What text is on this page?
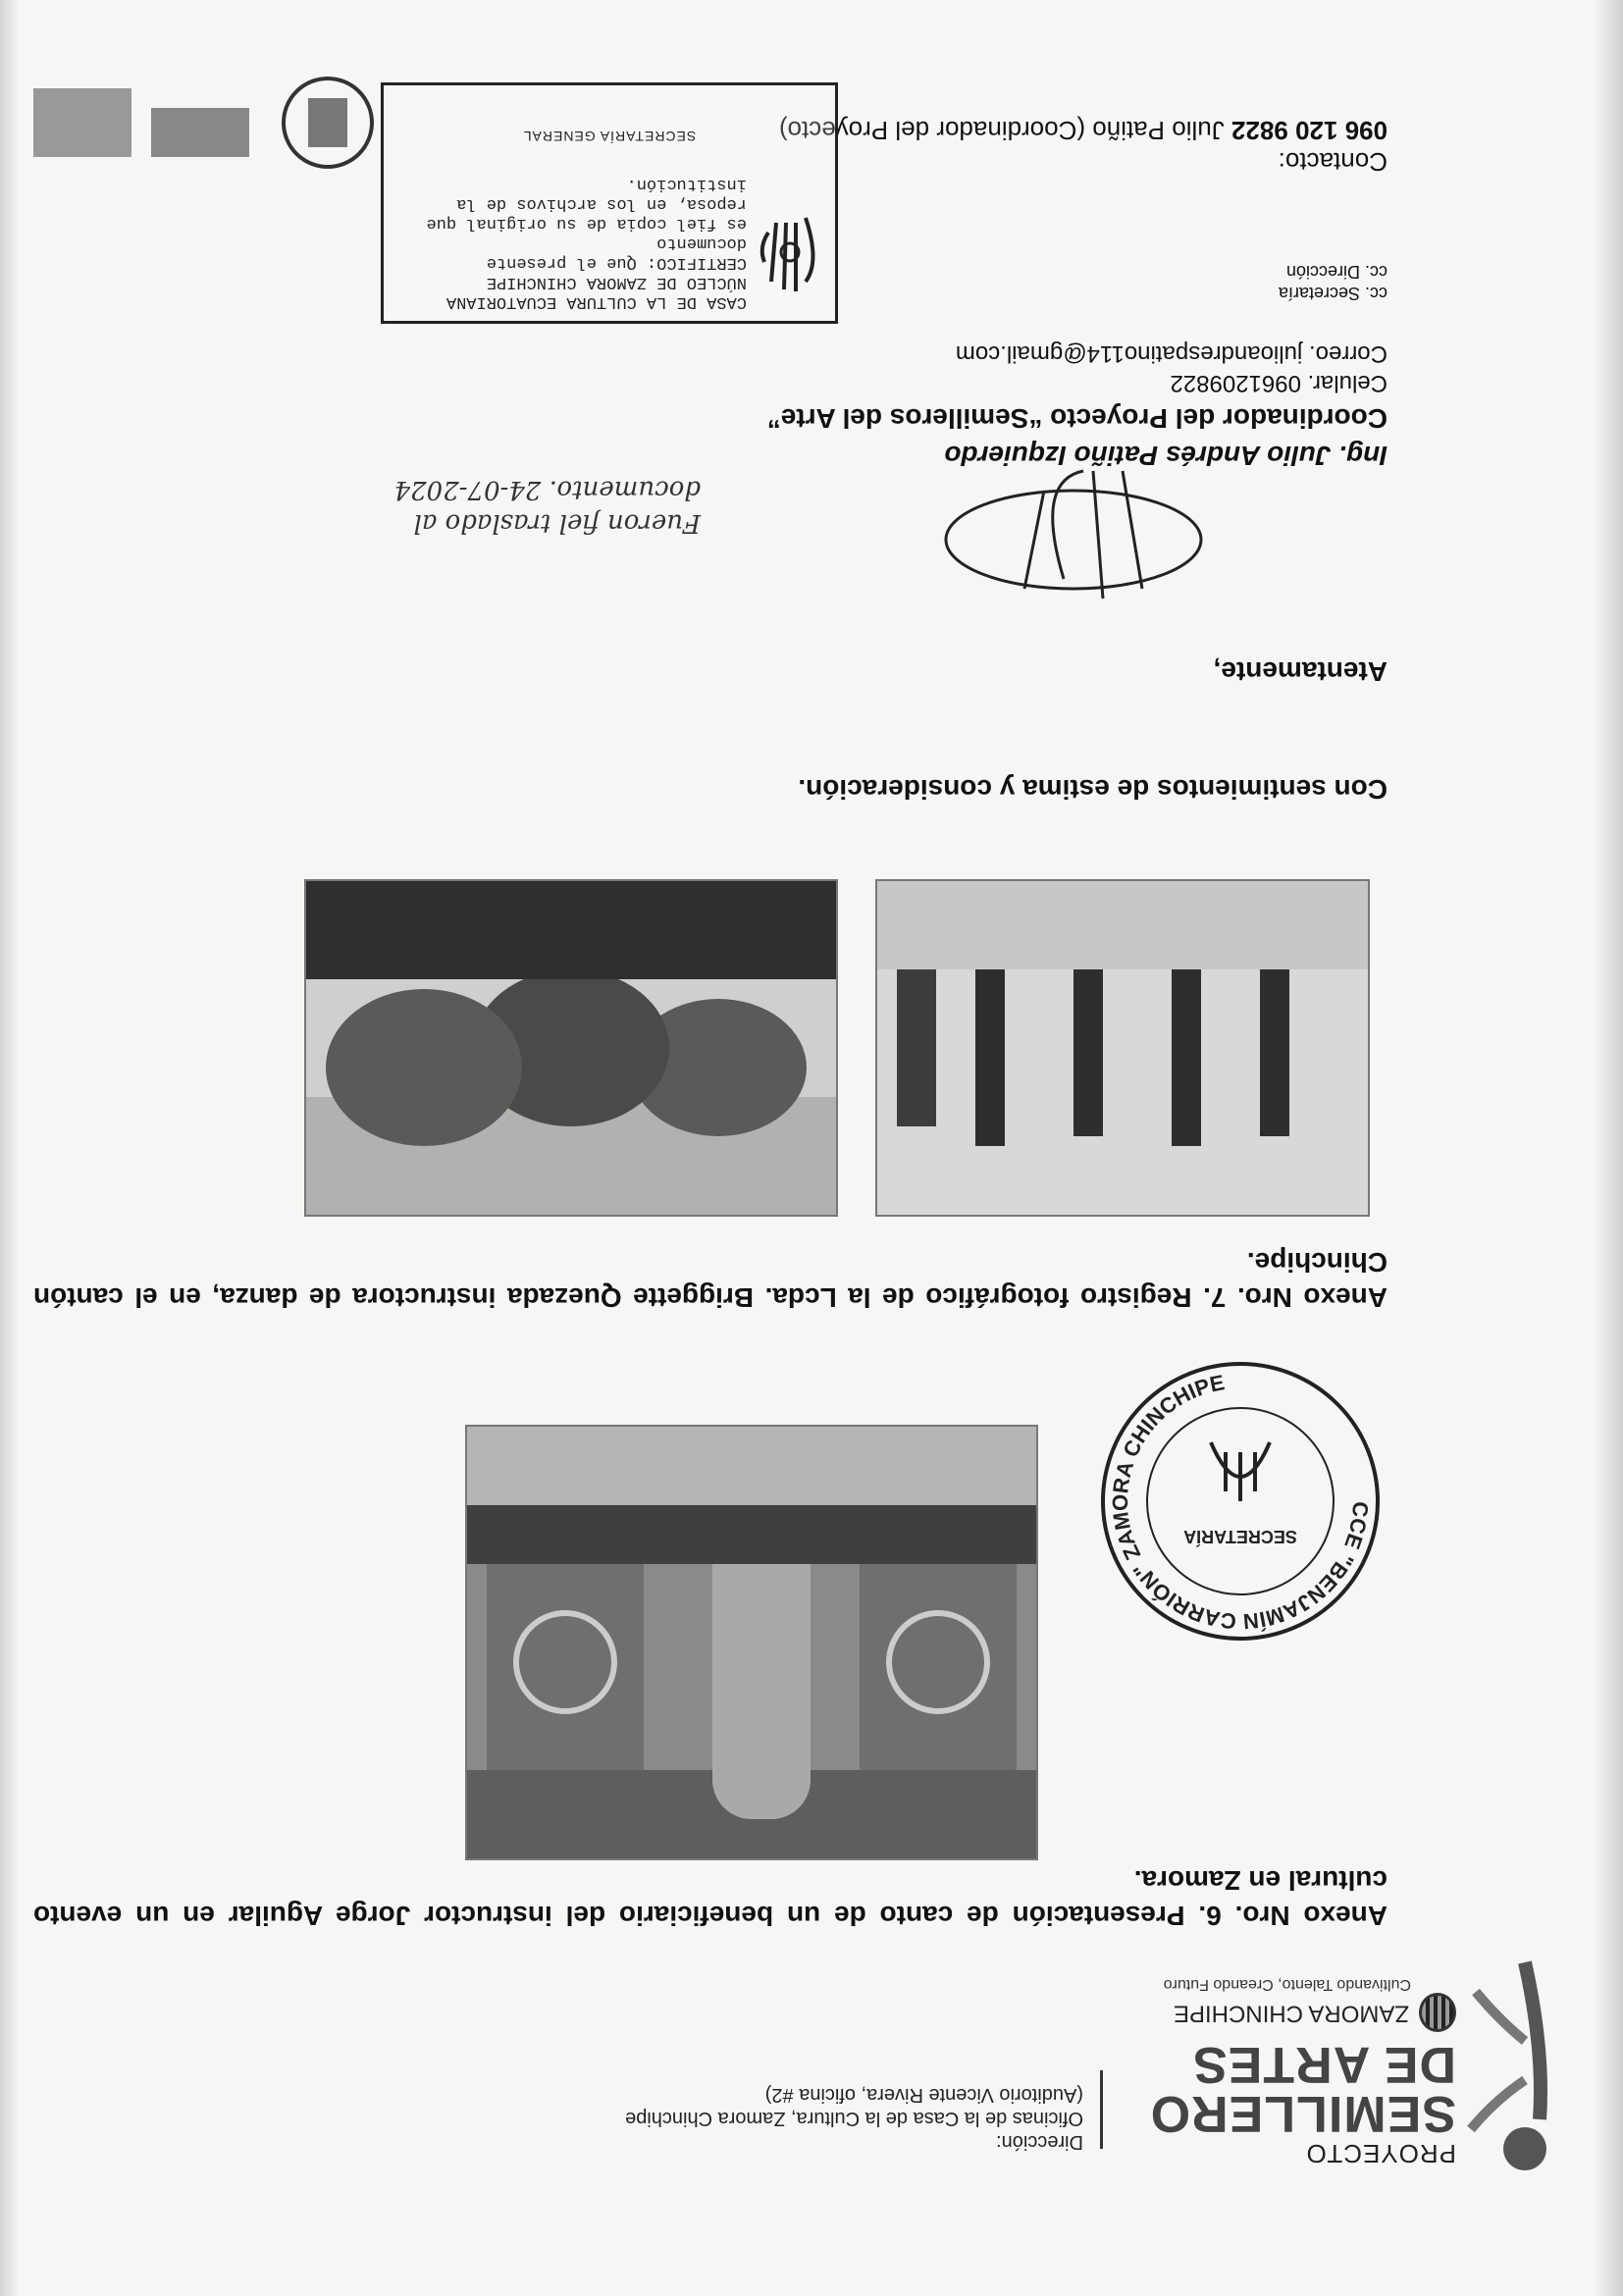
PROYECTO
SEMILLERO
DE ARTES
ZAMORA CHINCHIPE
Cultivando Talento, Creando Futuro
Dirección:
Oficinas de la Casa de la Cultura, Zamora Chinchipe
(Auditorio Vicente Rivera, oficina #2)

Anexo Nro. 6. Presentación de canto de un beneficiario del instructor Jorge Aguilar en un evento cultural en Zamora.

Anexo Nro. 7. Registro fotográfico de la Lcda. Briggette Quezada instructora de danza, en el cantón Chinchipe.

Con sentimientos de estima y consideración.
Atentamente,
Ing. Julio Andrés Patiño Izquierdo
Coordinador del Proyecto “Semilleros del Arte”
Celular. 0961209822
Correo. julioandrespatino114@gmail.com
cc. Secretaría
cc. Dirección
Contacto:
096 120 9822 Julio Patiño (Coordinador del Proyecto)
CCE "BENJAMÍN CARRIÓN" ZAMORA CHINCHIPE
SECRETARÍA
CASA DE LA CULTURA ECUATORIANA
NÚCLEO DE ZAMORA CHINCHIPE
CERTIFICO: Que el presente documento
es fiel copia de su original que
reposa, en los archivos de la
institución.
SECRETARÍA GENERAL
Fueron fiel traslado al
documento. 24-07-2024
